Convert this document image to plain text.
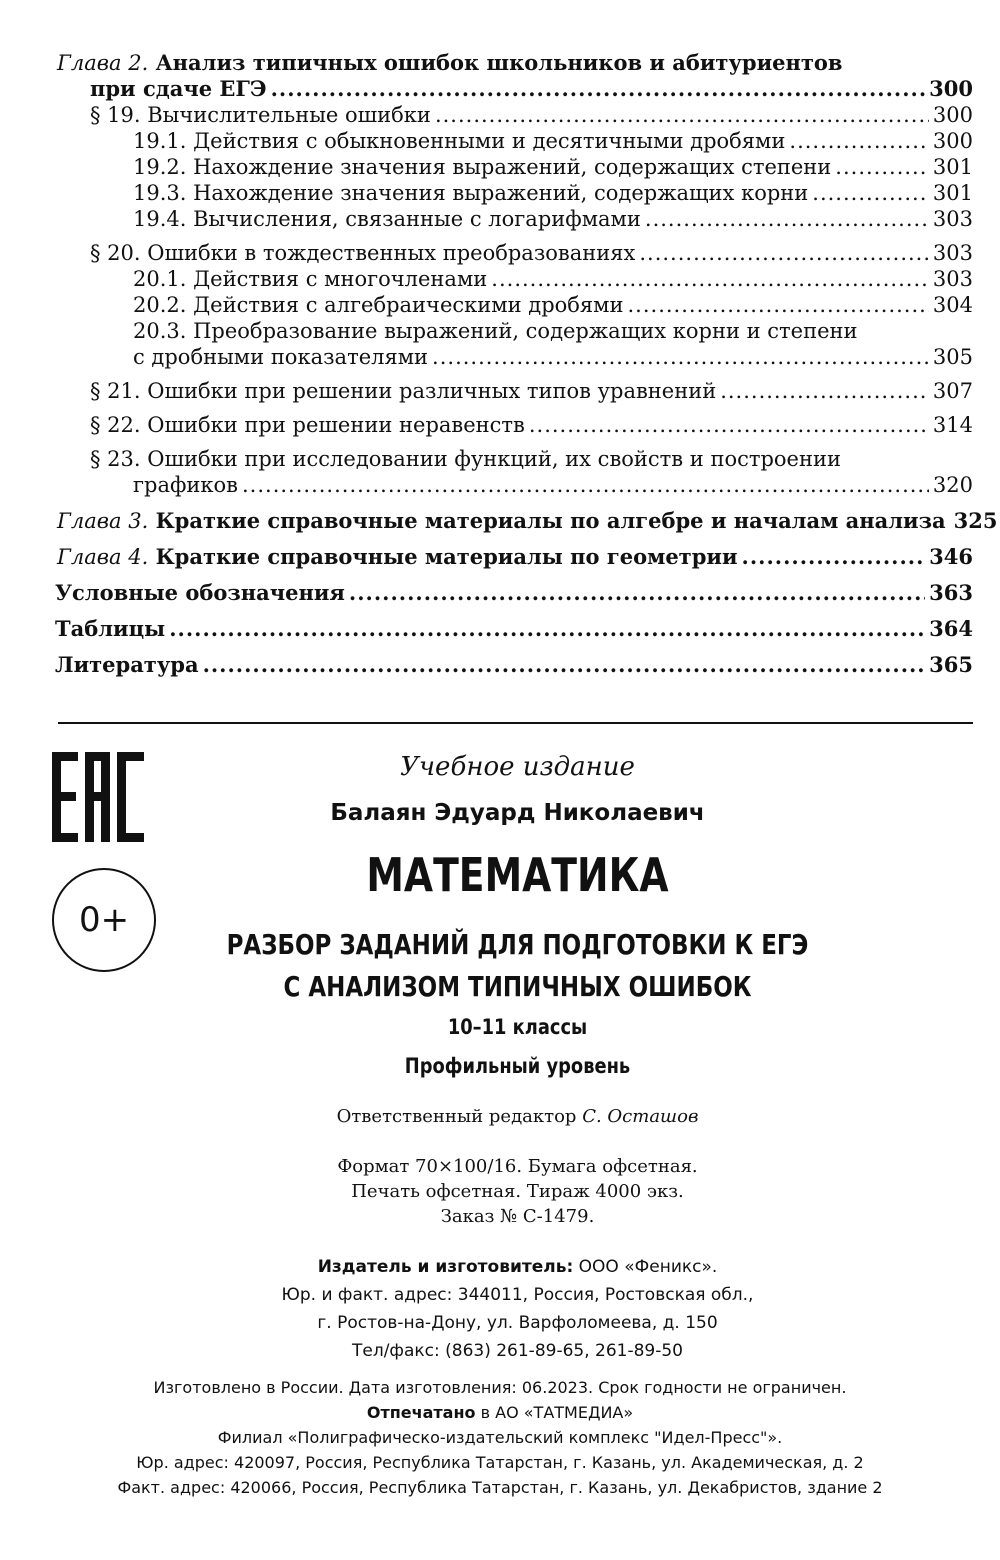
Глава 2. Анализ типичных ошибок школьников и абитуриентов
при сдаче ЕГЭ .....	300
§ 19. Вычислительные ошибки .....	300
19.1. Действия с обыкновенными и десятичными дробями .....	300
19.2. Нахождение значения выражений, содержащих степени .....	301
19.3. Нахождение значения выражений, содержащих корни .....	301
19.4. Вычисления, связанные с логарифмами .....	303
§ 20. Ошибки в тождественных преобразованиях .....	303
20.1. Действия с многочленами .....	303
20.2. Действия с алгебраическими дробями .....	304
20.3. Преобразование выражений, содержащих корни и степени
с дробными показателями .....	305
§ 21. Ошибки при решении различных типов уравнений .....	307
§ 22. Ошибки при решении неравенств .....	314
§ 23. Ошибки при исследовании функций, их свойств и построении
графиков .....	320
Глава 3. Краткие справочные материалы по алгебре и началам анализа 325
Глава 4. Краткие справочные материалы по геометрии .....	346
Условные обозначения .....	363
Таблицы .....	364
Литература .....	365
0+
Учебное издание
Балаян Эдуард Николаевич
МАТЕМАТИКА
РАЗБОР ЗАДАНИЙ ДЛЯ ПОДГОТОВКИ К ЕГЭ
С АНАЛИЗОМ ТИПИЧНЫХ ОШИБОК
10–11 классы
Профильный уровень
Ответственный редактор С. Осташов
Формат 70×100/16. Бумага офсетная.
Печать офсетная. Тираж 4000 экз.
Заказ № С-1479.
Издатель и изготовитель: ООО «Феникс».
Юр. и факт. адрес: 344011, Россия, Ростовская обл.,
г. Ростов-на-Дону, ул. Варфоломеева, д. 150
Тел/факс: (863) 261-89-65, 261-89-50
Изготовлено в России. Дата изготовления: 06.2023. Срок годности не ограничен.
Отпечатано в АО «ТАТМЕДИА»
Филиал «Полиграфическо-издательский комплекс "Идел-Пресс"».
Юр. адрес: 420097, Россия, Республика Татарстан, г. Казань, ул. Академическая, д. 2
Факт. адрес: 420066, Россия, Республика Татарстан, г. Казань, ул. Декабристов, здание 2
